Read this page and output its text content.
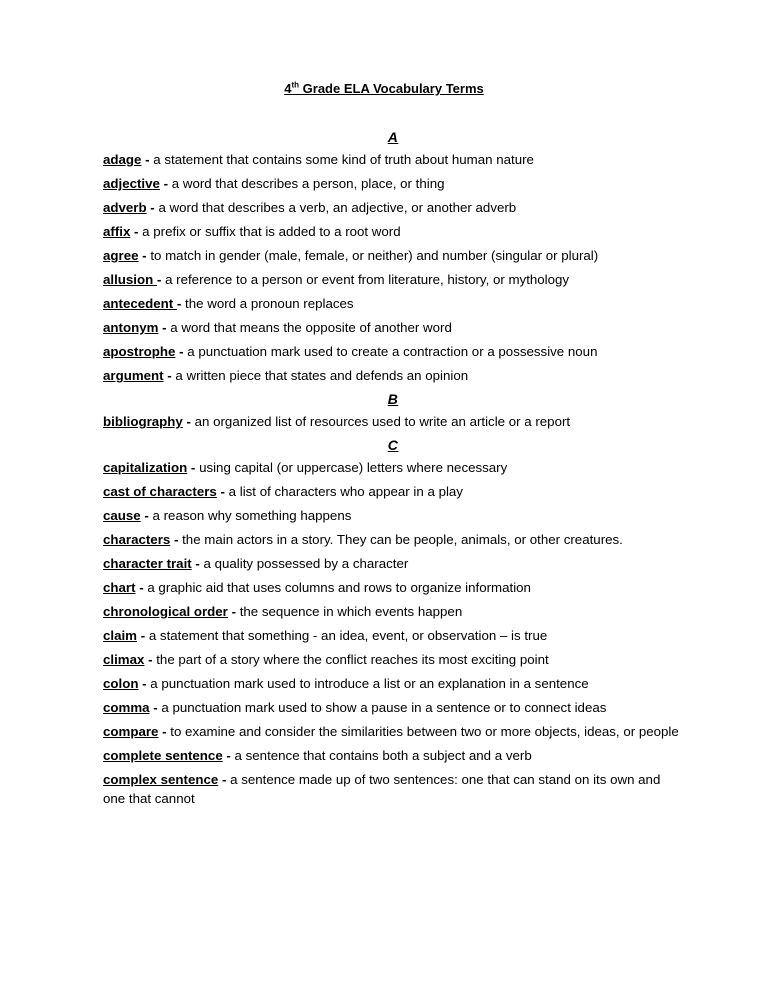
4th Grade ELA Vocabulary Terms
A
adage - a statement that contains some kind of truth about human nature
adjective - a word that describes a person, place, or thing
adverb - a word that describes a verb, an adjective, or another adverb
affix - a prefix or suffix that is added to a root word
agree - to match in gender (male, female, or neither) and number (singular or plural)
allusion - a reference to a person or event from literature, history, or mythology
antecedent - the word a pronoun replaces
antonym - a word that means the opposite of another word
apostrophe - a punctuation mark used to create a contraction or a possessive noun
argument - a written piece that states and defends an opinion
B
bibliography - an organized list of resources used to write an article or a report
C
capitalization - using capital (or uppercase) letters where necessary
cast of characters - a list of characters who appear in a play
cause - a reason why something happens
characters - the main actors in a story. They can be people, animals, or other creatures.
character trait - a quality possessed by a character
chart - a graphic aid that uses columns and rows to organize information
chronological order - the sequence in which events happen
claim - a statement that something - an idea, event, or observation – is true
climax - the part of a story where the conflict reaches its most exciting point
colon - a punctuation mark used to introduce a list or an explanation in a sentence
comma - a punctuation mark used to show a pause in a sentence or to connect ideas
compare - to examine and consider the similarities between two or more objects, ideas, or people
complete sentence - a sentence that contains both a subject and a verb
complex sentence - a sentence made up of two sentences: one that can stand on its own and one that cannot
